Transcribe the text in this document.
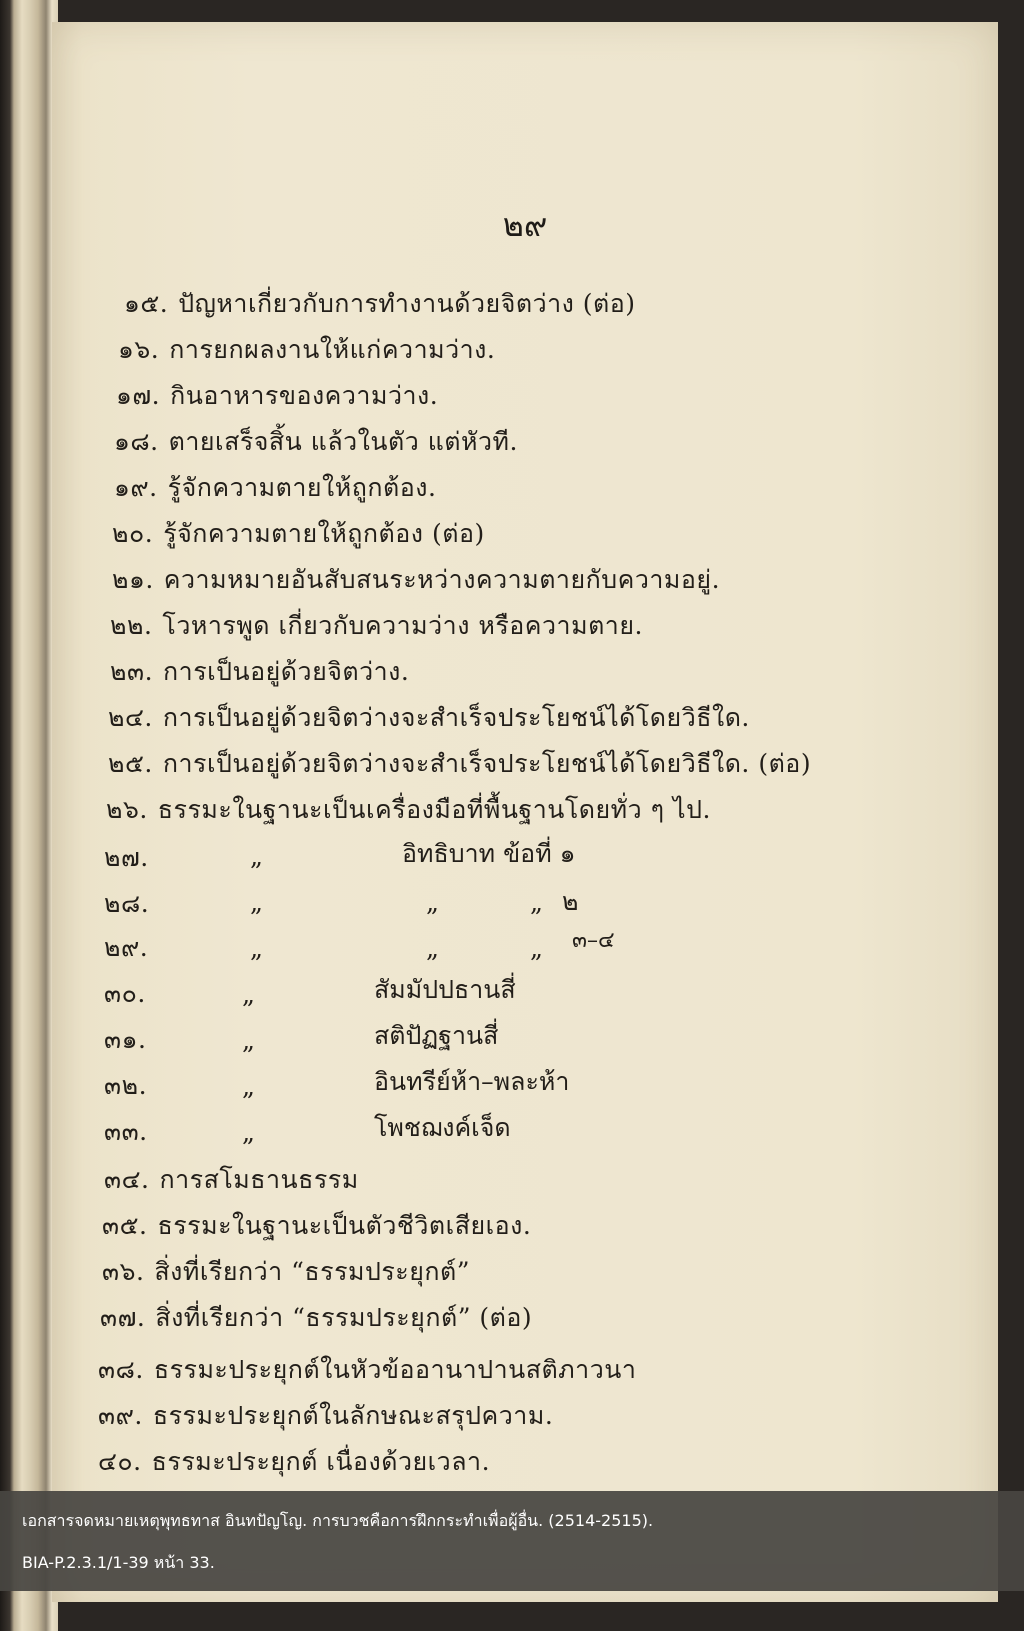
๒๙
๑๕. ปัญหาเกี่ยวกับการทำงานด้วยจิตว่าง (ต่อ)
๑๖. การยกผลงานให้แก่ความว่าง.
๑๗. กินอาหารของความว่าง.
๑๘. ตายเสร็จสิ้น แล้วในตัว แต่หัวที.
๑๙. รู้จักความตายให้ถูกต้อง.
๒๐. รู้จักความตายให้ถูกต้อง (ต่อ)
๒๑. ความหมายอันสับสนระหว่างความตายกับความอยู่.
๒๒. โวหารพูด เกี่ยวกับความว่าง หรือความตาย.
๒๓. การเป็นอยู่ด้วยจิตว่าง.
๒๔. การเป็นอยู่ด้วยจิตว่างจะสำเร็จประโยชน์ได้โดยวิธีใด.
๒๕. การเป็นอยู่ด้วยจิตว่างจะสำเร็จประโยชน์ได้โดยวิธีใด. (ต่อ)
๒๖. ธรรมะในฐานะเป็นเครื่องมือที่พื้นฐานโดยทั่ว ๆ ไป.
๒๗.	„	อิทธิบาท ข้อที่ ๑
๒๘.	„	„	„ ๒
๒๙.	„	„	„ ๓–๔
๓๐.	„	สัมมัปปธานสี่
๓๑.	„	สติปัฏฐานสี่
๓๒.	„	อินทรีย์ห้า–พละห้า
๓๓.	„	โพชฌงค์เจ็ด
๓๔. การสโมธานธรรม
๓๕. ธรรมะในฐานะเป็นตัวชีวิตเสียเอง.
๓๖. สิ่งที่เรียกว่า “ธรรมประยุกต์”
๓๗. สิ่งที่เรียกว่า “ธรรมประยุกต์” (ต่อ)
๓๘. ธรรมะประยุกต์ในหัวข้ออานาปานสติภาวนา
๓๙. ธรรมะประยุกต์ในลักษณะสรุปความ.
๔๐. ธรรมะประยุกต์ เนื่องด้วยเวลา.
เอกสารจดหมายเหตุพุทธทาส อินทปัญโญ. การบวชคือการฝึกกระทำเพื่อผู้อื่น. (2514-2515).
BIA-P.2.3.1/1-39 หน้า 33.
